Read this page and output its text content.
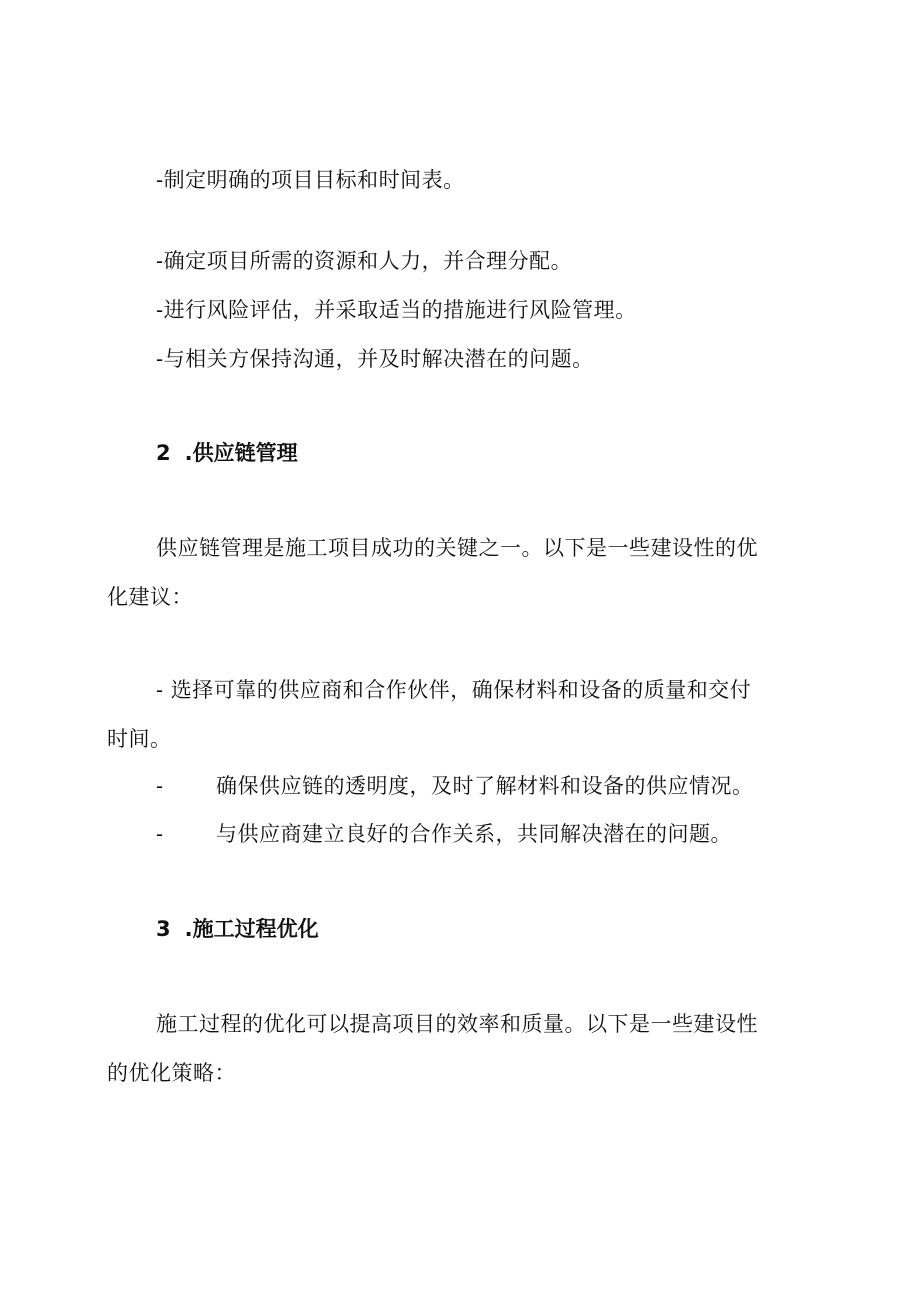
-制定明确的项目目标和时间表。
-确定项目所需的资源和人力，并合理分配。
-进行风险评估，并采取适当的措施进行风险管理。
-与相关方保持沟通，并及时解决潜在的问题。
2 .供应链管理
供应链管理是施工项目成功的关键之一。以下是一些建设性的优
化建议：
- 选择可靠的供应商和合作伙伴，确保材料和设备的质量和交付
时间。
-	确保供应链的透明度，及时了解材料和设备的供应情况。
-	与供应商建立良好的合作关系，共同解决潜在的问题。
3 .施工过程优化
施工过程的优化可以提高项目的效率和质量。以下是一些建设性
的优化策略：
